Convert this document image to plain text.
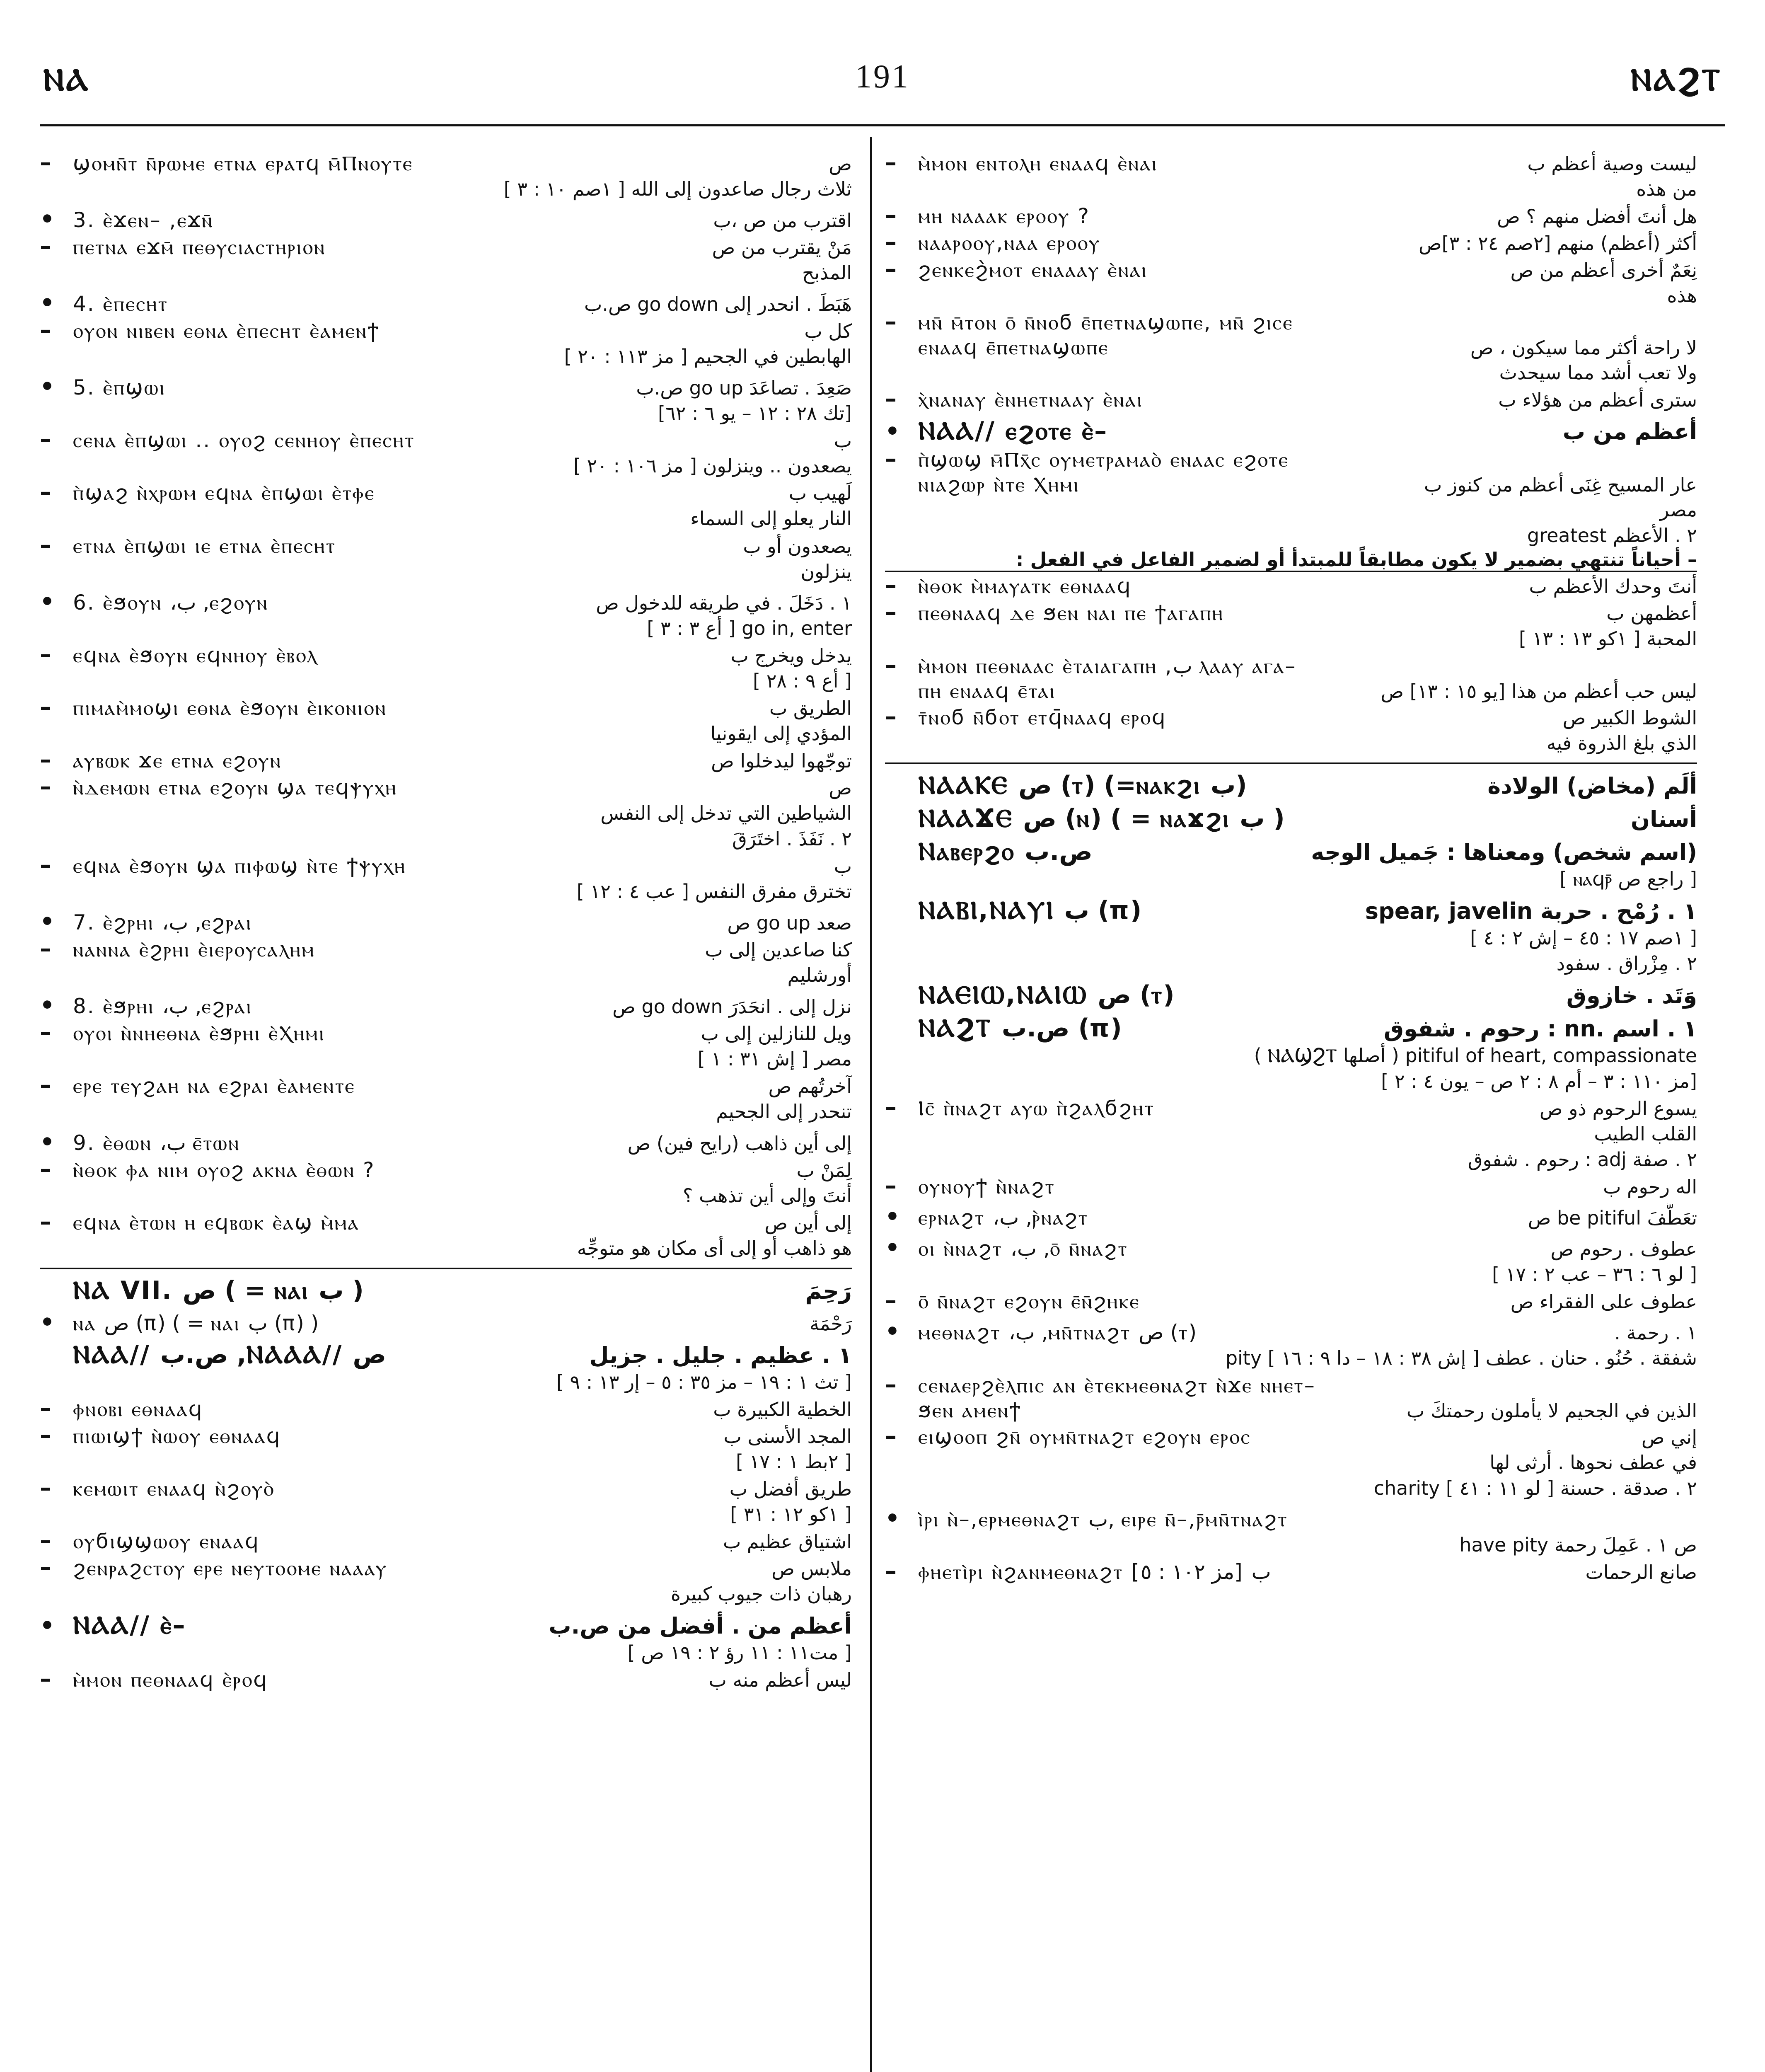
ⲚⲀ	191	ⲚⲀϨⲦ
–	ϣⲟⲙⲛ̄ⲧ ⲛ̄ⲣⲱⲙⲉ ⲉⲧⲛⲁ ⲉⲣⲁⲧϥ ⲙ̄Ⲡⲛⲟⲩⲧⲉ	ص
ثلاث رجال صاعدون إلى الله [ ١صم ١٠ : ٣ ]
• 3. ⲉ̀ϫⲉⲛ– ,ⲉϫⲛ̄	اقترب من ص ،ب
–	ⲡⲉⲧⲛⲁ ⲉϫⲙ̄ ⲡⲉⲑⲩⲥⲓⲁⲥⲧⲏⲣⲓⲟⲛ	مَنْ يقترب من ص
المذبح
• 4. ⲉ̀ⲡⲉⲥⲏⲧ	هَبَطَ . انحدر إلى go down ص.ب
–	ⲟⲩⲟⲛ ⲛⲓⲃⲉⲛ ⲉⲑⲛⲁ ⲉ̀ⲡⲉⲥⲏⲧ ⲉ̀ⲁⲙⲉⲛϯ	كل ب
الهابطين في الجحيم [ مز ١١٣ : ٢٠ ]
• 5. ⲉ̀ⲡϣⲱⲓ	صَعِدَ . تصاعَدَ go up ص.ب
[تك ٢٨ : ١٢ – يو ٦ : ٦٢]
–	ⲥⲉⲛⲁ ⲉ̀ⲡϣⲱⲓ .. ⲟⲩⲟϩ ⲥⲉⲛⲏⲟⲩ ⲉ̀ⲡⲉⲥⲏⲧ	ب
يصعدون .. وينزلون [ مز ١٠٦ : ٢٠ ]
–	ⲡ̀ϣⲁϩ ⲛ̀ⲭⲣⲱⲙ ⲉϥⲛⲁ ⲉ̀ⲡϣⲱⲓ ⲉ̀ⲧⲫⲉ	لَهيب ب
النار يعلو إلى السماء
–	ⲉⲧⲛⲁ ⲉ̀ⲡϣⲱⲓ ⲓⲉ ⲉⲧⲛⲁ ⲉ̀ⲡⲉⲥⲏⲧ	يصعدون أو ب
ينزلون
• 6. ⲉ̀ϧⲟⲩⲛ ،ب ,ⲉϩⲟⲩⲛ	١ . دَخَلَ . في طريقه للدخول ص
go in, enter [ أع ٣ : ٣ ]
–	ⲉϥⲛⲁ ⲉ̀ϧⲟⲩⲛ ⲉϥⲛⲏⲟⲩ ⲉ̀ⲃⲟⲗ	يدخل ويخرج ب
[ أع ٩ : ٢٨ ]
–	ⲡⲓⲙⲁⲙ̀ⲙⲟϣⲓ ⲉⲑⲛⲁ ⲉ̀ϧⲟⲩⲛ ⲉ̀ⲓⲕⲟⲛⲓⲟⲛ	الطريق ب
المؤدي إلى ايقونيا
–	ⲁⲩⲃⲱⲕ ϫⲉ ⲉⲧⲛⲁ ⲉϩⲟⲩⲛ	توجّهوا ليدخلوا ص
–	ⲛ̀ⲇⲉⲙⲱⲛ ⲉⲧⲛⲁ ⲉϩⲟⲩⲛ ϣⲁ ⲧⲉϥⲯⲩⲭⲏ	ص
الشياطين التي تدخل إلى النفس
٢ . نَفَذَ . اختَرَقَ
–	ⲉϥⲛⲁ ⲉ̀ϧⲟⲩⲛ ϣⲁ ⲡⲓⲫⲱϣ ⲛ̀ⲧⲉ ϯⲯⲩⲭⲏ	ب
تخترق مفرق النفس [ عب ٤ : ١٢ ]
• 7. ⲉ̀ϩⲣⲏⲓ ،ب ,ⲉϩⲣⲁⲓ	صعد go up ص
–	ⲛⲁⲛⲛⲁ ⲉ̀ϩⲣⲏⲓ ⲉ̀ⲓⲉⲣⲟⲩⲥⲁⲗⲏⲙ	كنا صاعدين إلى ب
أورشليم
• 8. ⲉ̀ϧⲣⲏⲓ ،ب ,ⲉϩⲣⲁⲓ	نزل إلى . انحَدَرَ go down ص
–	ⲟⲩⲟⲓ ⲛ̀ⲛⲏⲉⲑⲛⲁ ⲉ̀ϧⲣⲏⲓ ⲉ̀Ⲭⲏⲙⲓ	ويل للنازلين إلى ب
مصر [ إش ٣١ : ١ ]
–	ⲉⲣⲉ ⲧⲉⲩϩⲁⲏ ⲛⲁ ⲉϩⲣⲁⲓ ⲉ̀ⲁⲙⲉⲛⲧⲉ	آخرتُهم ص
تنحدر إلى الجحيم
• 9. ⲉ̀ⲑⲱⲛ ،ب ⲉ̄ⲧⲱⲛ	إلى أين ذاهب (رايح فين) ص
–	ⲛ̀ⲑⲟⲕ ⲫⲁ ⲛⲓⲙ ⲟⲩⲟϩ ⲁⲕⲛⲁ ⲉ̀ⲑⲱⲛ ?	لِمَنْ ب
أنتَ وإلى أين تذهب ؟
–	ⲉϥⲛⲁ ⲉ̀ⲧⲱⲛ ⲏ ⲉϥⲃⲱⲕ ⲉ̀ⲁϣ ⲙ̀ⲙⲁ	إلى أين ص
هو ذاهب أو إلى أى مكان هو متوجِّه
ⲚⲀ VII. ص ( = ⲛⲁⲓ ب )	رَحِمَ
• ⲛⲁ ص (π) ( = ⲛⲁⲓ ب (π) )	رَحْمَة
ⲚⲀⲀ// ص.ب ,ⲚⲀⲀⲀ// ص	١ . عظيم . جليل . جزيل
[ تث ١ : ١٩ – مز ٣٥ : ٥ – إر ١٣ : ٩ ]
–	ⲫⲛⲟⲃⲓ ⲉⲑⲛⲁⲁϥ	الخطية الكبيرة ب
–	ⲡⲓⲱⲓϣϯ ⲛ̀ⲱⲟⲩ ⲉⲑⲛⲁⲁϥ	المجد الأسنى ب
[ ٢بط ١ : ١٧ ]
–	ⲕⲉⲙⲱⲓⲧ ⲉⲛⲁⲁϥ ⲛ̀ϩⲟⲩⲟ̀	طريق أفضل ب
[ ١كو ١٢ : ٣١ ]
–	ⲟⲩϭⲓϣϣⲱⲟⲩ ⲉⲛⲁⲁϥ	اشتياق عظيم ب
–	ϩⲉⲛⲣⲁϩⲥⲧⲟⲩ ⲉⲣⲉ ⲛⲉⲩⲧⲟⲟⲙⲉ ⲛⲁⲁⲁⲩ	ملابس ص
رهبان ذات جيوب كبيرة
• ⲚⲀⲀ// ⲉ̀–	أعظم من . أفضل من ص.ب
[ مت١١ : ١١ رؤ ٢ : ١٩ ص ]
–	ⲙ̀ⲙⲟⲛ ⲡⲉⲑⲛⲁⲁϥ ⲉ̀ⲣⲟϥ	ليس أعظم منه ب
–	ⲙ̀ⲙⲟⲛ ⲉⲛⲧⲟⲗⲏ ⲉⲛⲁⲁϥ ⲉ̀ⲛⲁⲓ	ليست وصية أعظم ب
من هذه
–	ⲙⲏ ⲛⲁⲁⲁⲕ ⲉⲣⲟⲟⲩ ?	هل أنتَ أفضل منهم ؟ ص
–	ⲛⲁⲁⲣⲟⲟⲩ,ⲛⲁⲁ ⲉⲣⲟⲟⲩ	أكثر (أعظم) منهم [٢صم ٢٤ : ٣]ص
–	ϩⲉⲛⲕⲉϩ̀ⲙⲟⲧ ⲉⲛⲁⲁⲁⲩ ⲉ̀ⲛⲁⲓ	نِعَمٌ أخرى أعظم من ص
هذه
–	ⲙⲛ̄ ⲙ̄ⲧⲟⲛ ⲟ̄ ⲛ̄ⲛⲟϭ ⲉ̄ⲡⲉⲧⲛⲁϣⲱⲡⲉ, ⲙⲛ̄ ϩⲓⲥⲉ
ⲉⲛⲁⲁϥ ⲉ̄ⲡⲉⲧⲛⲁϣⲱⲡⲉ	لا راحة أكثر مما سيكون ، ص
ولا تعب أشد مما سيحدث
–	ⲭ̀ⲛⲁⲛⲁⲩ ⲉ̀ⲛⲏⲉⲧⲛⲁⲁⲩ ⲉ̀ⲛⲁⲓ	سترى أعظم من هؤلاء ب
• ⲚⲀⲀ// ⲉϩⲟⲧⲉ ⲉ̀–	أعظم من ب
–	ⲡ̀ϣⲱϣ ⲙ̄Ⲡⲭ̄ⲥ ⲟⲩⲙⲉⲧⲣⲁⲙⲁⲟ̀ ⲉⲛⲁⲁⲥ ⲉϩⲟⲧⲉ
ⲛⲓⲁϩⲱⲣ ⲛ̀ⲧⲉ Ⲭⲏⲙⲓ	عار المسيح غِنَى أعظم من كنوز ب
مصر
٢ . الأعظم greatest
– أحياناً تنتهي بضمير لا يكون مطابقاً للمبتدأ أو لضمير الفاعل في الفعل :
–	ⲛ̀ⲑⲟⲕ ⲙ̀ⲙⲁⲩⲁⲧⲕ ⲉⲑⲛⲁⲁϥ	أنتَ وحدك الأعظم ب
–	ⲡⲉⲑⲛⲁⲁϥ ⲇⲉ ϧⲉⲛ ⲛⲁⲓ ⲡⲉ ϯⲁⲅⲁⲡⲏ	أعظمهن ب
المحبة [ ١كو ١٣ : ١٣ ]
–	ⲙ̀ⲙⲟⲛ ⲡⲉⲑⲛⲁⲁⲥ ⲉ̀ⲧⲁⲓⲁⲅⲁⲡⲏ ,ب ⲗⲁⲁⲩ ⲁⲅⲁ–
ⲡⲏ ⲉⲛⲁⲁϥ ⲉ̄ⲧⲁⲓ	ليس حب أعظم من هذا [يو ١٥ : ١٣] ص
–	ⲧ̄ⲛⲟϭ ⲛ̄ϭⲟⲧ ⲉⲧϥ̄ⲛⲁⲁϥ ⲉⲣⲟϥ	الشوط الكبير ص
الذي بلغ الذروة فيه
ⲚⲀⲀⲔⲈ ص (ⲧ) (=ⲛⲁⲕϩⲓ ب)	ألَم (مخاض) الولادة
ⲚⲀⲀϪⲈ ص (ⲛ) ( = ⲛⲁϫϩⲓ ب )	أسنان
Ⲛⲁⲃⲉⲣϩⲟ ص.ب	(اسم شخص) ومعناها : جَميل الوجه
[ راجع ص ⲛⲁϥⲣ̄ ]
ⲚⲀⲂⲒ,ⲚⲀⲨⲒ ب (π)	١ . رُمْح . حربة spear, javelin
[ ١صم ١٧ : ٤٥ – إش ٢ : ٤ ]
٢ . مِزْراق . سفود
ⲚⲀⲈⲒⲰ,ⲚⲀⲒⲰ ص (ⲧ)	وَتَد . خازوق
ⲚⲀϨⲦ ص.ب (π)	١ . اسم .nn : رحوم . شفوق
pitiful of heart, compassionate ( أصلها ⲚⲀϢϨⲦ )
[مز ١١٠ : ٣ – أم ٨ : ٢ ص – يون ٤ : ٢ ]
–	Ⲓⲥ̄ ⲡ̀ⲛⲁϩⲧ ⲁⲩⲱ ⲡ̀ϩⲁⲗϭϩⲏⲧ	يسوع الرحوم ذو ص
القلب الطيب
٢ . صفة adj : رحوم . شفوق
–	ⲟⲩⲛⲟⲩϯ ⲛ̀ⲛⲁϩⲧ	اله رحوم ب
• ⲉⲣⲛⲁϩⲧ ،ب ,ⲣ̀ⲛⲁϩⲧ	تعَطَّفَ be pitiful ص
• ⲟⲓ ⲛ̀ⲛⲁϩⲧ ،ب ,ⲟ̄ ⲛ̄ⲛⲁϩⲧ	عطوف . رحوم ص
[ لو ٦ : ٣٦ – عب ٢ : ١٧ ]
–	ⲟ̄ ⲛ̄ⲛⲁϩⲧ ⲉϩⲟⲩⲛ ⲉ̄ⲛ̄ϩⲏⲕⲉ	عطوف على الفقراء ص
• ⲙⲉⲑⲛⲁϩⲧ ،ب ,ⲙⲛ̄ⲧⲛⲁϩⲧ ص (ⲧ)	١ . رحمة .
شفقة . حُنُو . حنان . عطف [ إش ٣٨ : ١٨ – دا ٩ : ١٦ ] pity
–	ⲥⲉⲛⲁⲉⲣϩⲉ̀ⲗⲡⲓⲥ ⲁⲛ ⲉ̀ⲧⲉⲕⲙⲉⲑⲛⲁϩⲧ ⲛ̀ϫⲉ ⲛⲏⲉⲧ–
ϧⲉⲛ ⲁⲙⲉⲛϯ	الذين في الجحيم لا يأملون رحمتكَ ب
–	ⲉⲓϣⲟⲟⲡ ϩⲛ̄ ⲟⲩⲙⲛ̄ⲧⲛⲁϩⲧ ⲉϩⲟⲩⲛ ⲉⲣⲟⲥ	إني ص
في عطف نحوها . أرثى لها
٢ . صدقة . حسنة [ لو ١١ : ٤١ ] charity
• ⲓ̀ⲣⲓ ⲛ̀–,ⲉⲣⲙⲉⲑⲛⲁϩⲧ ب, ⲉⲓⲣⲉ ⲛ̄–,ⲣ̄ⲙⲛ̄ⲧⲛⲁϩⲧ
ص ١ . عَمِلَ رحمة have pity
–	ⲫⲏⲉⲧⲓ̀ⲣⲓ ⲛ̀ϩⲁⲛⲙⲉⲑⲛⲁϩⲧ [مز ١٠٢ : ٥] ب	صانع الرحمات
